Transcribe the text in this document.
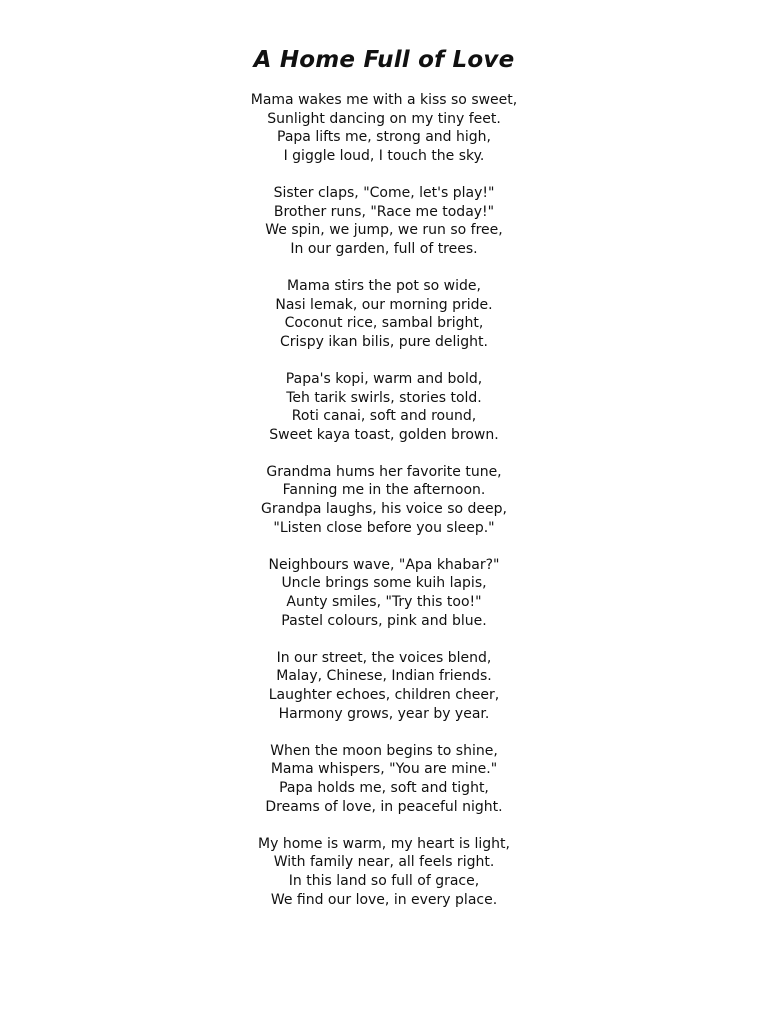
A Home Full of Love
Mama wakes me with a kiss so sweet,
Sunlight dancing on my tiny feet.
Papa lifts me, strong and high,
I giggle loud, I touch the sky.
Sister claps, "Come, let's play!"
Brother runs, "Race me today!"
We spin, we jump, we run so free,
In our garden, full of trees.
Mama stirs the pot so wide,
Nasi lemak, our morning pride.
Coconut rice, sambal bright,
Crispy ikan bilis, pure delight.
Papa's kopi, warm and bold,
Teh tarik swirls, stories told.
Roti canai, soft and round,
Sweet kaya toast, golden brown.
Grandma hums her favorite tune,
Fanning me in the afternoon.
Grandpa laughs, his voice so deep,
"Listen close before you sleep."
Neighbours wave, "Apa khabar?"
Uncle brings some kuih lapis,
Aunty smiles, "Try this too!"
Pastel colours, pink and blue.
In our street, the voices blend,
Malay, Chinese, Indian friends.
Laughter echoes, children cheer,
Harmony grows, year by year.
When the moon begins to shine,
Mama whispers, "You are mine."
Papa holds me, soft and tight,
Dreams of love, in peaceful night.
My home is warm, my heart is light,
With family near, all feels right.
In this land so full of grace,
We find our love, in every place.
